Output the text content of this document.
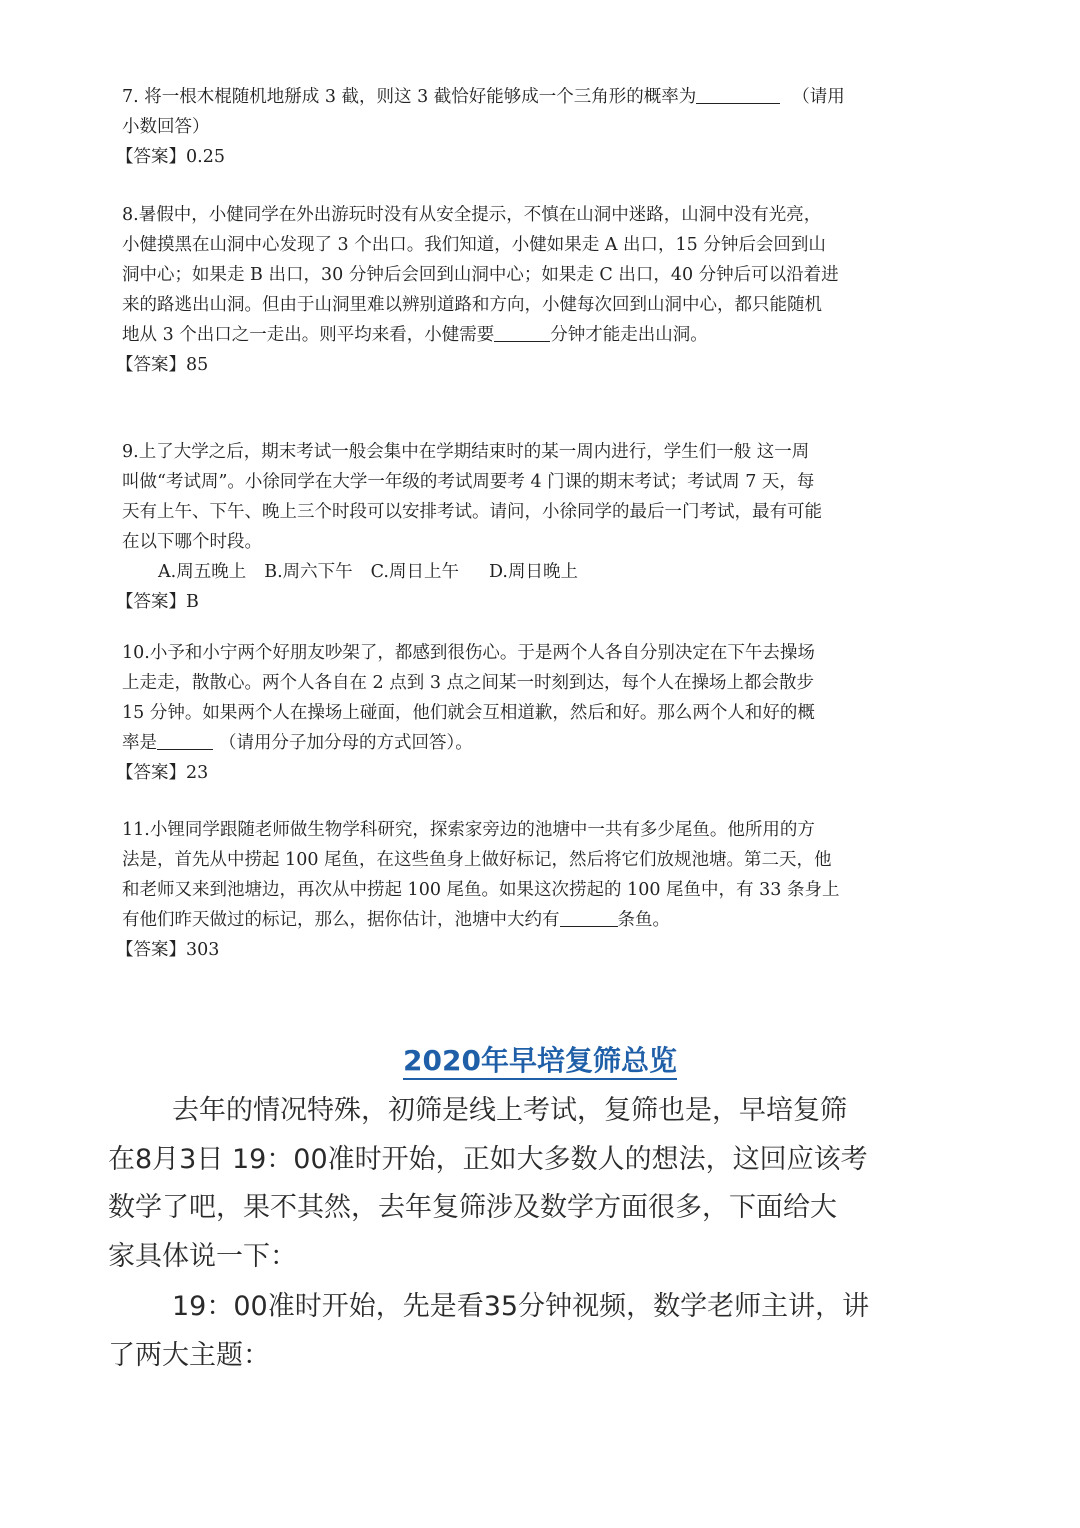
7. 将一根木棍随机地掰成 3 截，则这 3 截恰好能够成一个三角形的概率为	（请用
小数回答）
【答案】0.25
8.暑假中，小健同学在外出游玩时没有从安全提示，不慎在山洞中迷路，山洞中没有光亮，
小健摸黑在山洞中心发现了 3 个出口。我们知道，小健如果走 A 出口，15 分钟后会回到山
洞中心；如果走 B 出口，30 分钟后会回到山洞中心；如果走 C 出口，40 分钟后可以沿着进
来的路逃出山洞。但由于山洞里难以辨别道路和方向，小健每次回到山洞中心，都只能随机
地从 3 个出口之一走出。则平均来看，小健需要	分钟才能走出山洞。
【答案】85
9.上了大学之后，期末考试一般会集中在学期结束时的某一周内进行，学生们一般 这一周
叫做“考试周”。小徐同学在大学一年级的考试周要考 4 门课的期末考试；考试周 7 天，每
天有上午、下午、晚上三个时段可以安排考试。请问，小徐同学的最后一门考试，最有可能
在以下哪个时段。
A.周五晚上 B.周六下午 C.周日上午 D.周日晚上
【答案】B
10.小予和小宁两个好朋友吵架了，都感到很伤心。于是两个人各自分别决定在下午去操场
上走走，散散心。两个人各自在 2 点到 3 点之间某一时刻到达，每个人在操场上都会散步
15 分钟。如果两个人在操场上碰面，他们就会互相道歉，然后和好。那么两个人和好的概
率是	（请用分子加分母的方式回答）。
【答案】23
11.小锂同学跟随老师做生物学科研究，探索家旁边的池塘中一共有多少尾鱼。他所用的方
法是，首先从中捞起 100 尾鱼，在这些鱼身上做好标记，然后将它们放规池塘。第二天，他
和老师又来到池塘边，再次从中捞起 100 尾鱼。如果这次捞起的 100 尾鱼中，有 33 条身上
有他们昨天做过的标记，那么，据你估计，池塘中大约有	条鱼。
【答案】303
2020年早培复筛总览
去年的情况特殊，初筛是线上考试，复筛也是，早培复筛
在8月3日 19：00准时开始，正如大多数人的想法，这回应该考
数学了吧，果不其然，去年复筛涉及数学方面很多，下面给大
家具体说一下：
19：00准时开始，先是看35分钟视频，数学老师主讲，讲
了两大主题：
